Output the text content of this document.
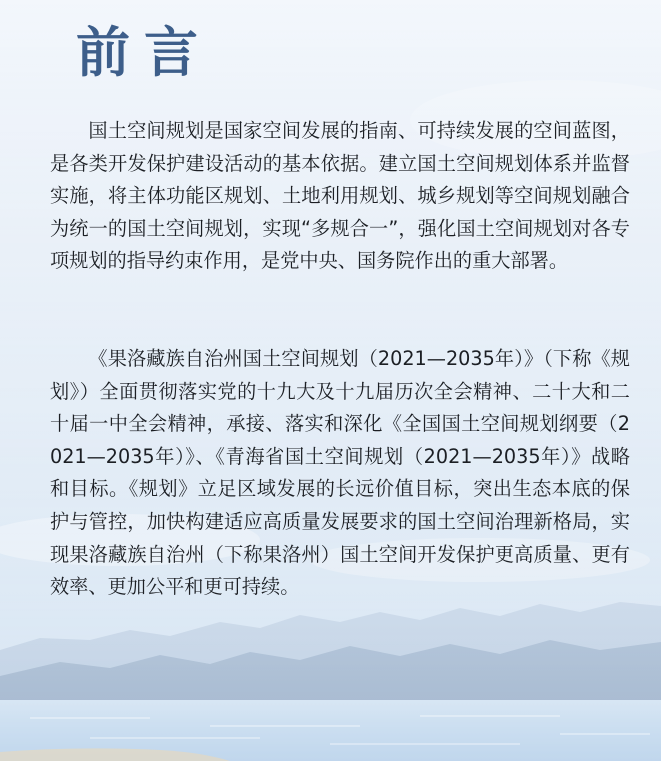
前言

国土空间规划是国家空间发展的指南、可持续发展的空间蓝图，是各类开发保护建设活动的基本依据。建立国土空间规划体系并监督实施，将主体功能区规划、土地利用规划、城乡规划等空间规划融合为统一的国土空间规划，实现“多规合一”，强化国土空间规划对各专项规划的指导约束作用，是党中央、国务院作出的重大部署。

《果洛藏族自治州国土空间规划（2021—2035年）》（下称《规划》）全面贯彻落实党的十九大及十九届历次全会精神、二十大和二十届一中全会精神，承接、落实和深化《全国国土空间规划纲要（2021—2035年）》、《青海省国土空间规划（2021—2035年）》战略和目标。《规划》立足区域发展的长远价值目标，突出生态本底的保护与管控，加快构建适应高质量发展要求的国土空间治理新格局，实现果洛藏族自治州（下称果洛州）国土空间开发保护更高质量、更有效率、更加公平和更可持续。
